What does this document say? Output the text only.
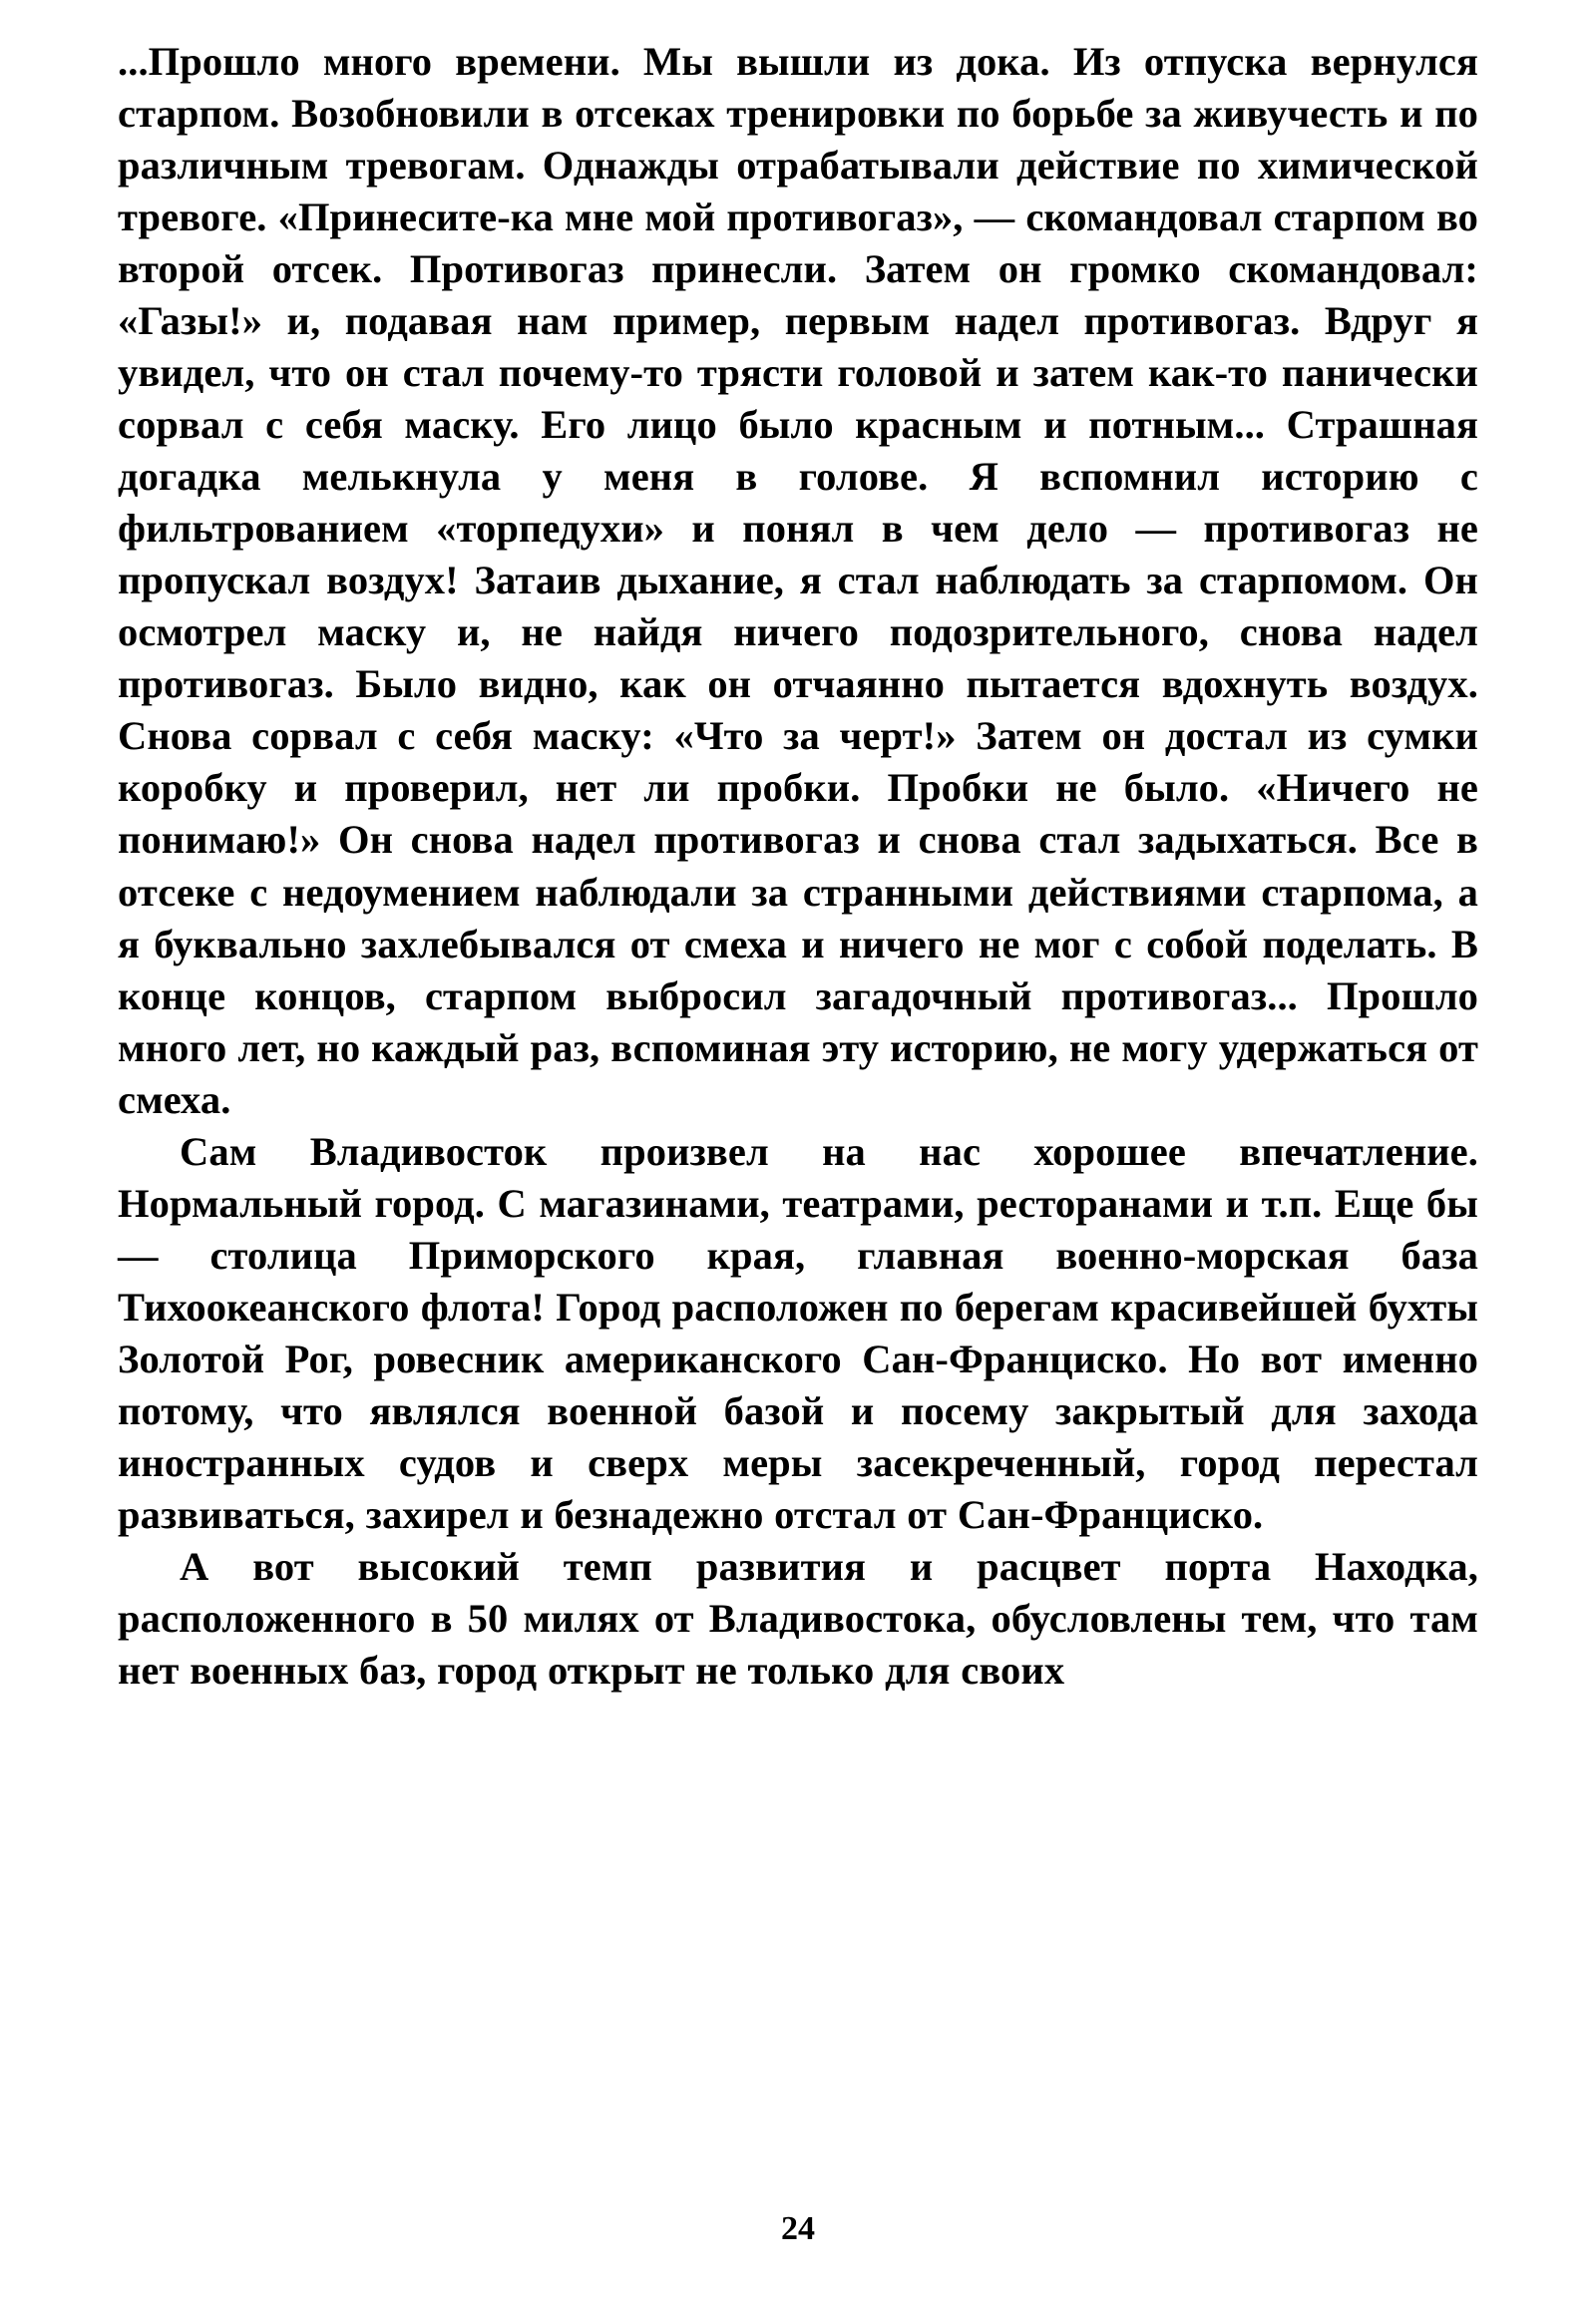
...Прошло много времени. Мы вышли из дока. Из отпуска вернулся старпом. Возобновили в отсеках тренировки по борьбе за живучесть и по различным тревогам. Однажды отрабатывали действие по химической тревоге. «Принесите-ка мне мой противогаз», — скомандовал старпом во второй отсек. Противогаз принесли. Затем он громко скомандовал: «Газы!» и, подавая нам пример, первым надел противогаз. Вдруг я увидел, что он стал почему-то трясти головой и затем как-то панически сорвал с себя маску. Его лицо было красным и потным... Страшная догадка мелькнула у меня в голове. Я вспомнил историю с фильтрованием «торпедухи» и понял в чем дело — противогаз не пропускал воздух! Затаив дыхание, я стал наблюдать за старпомом. Он осмотрел маску и, не найдя ничего подозрительного, снова надел противогаз. Было видно, как он отчаянно пытается вдохнуть воздух. Снова сорвал с себя маску: «Что за черт!» Затем он достал из сумки коробку и проверил, нет ли пробки. Пробки не было. «Ничего не понимаю!» Он снова надел противогаз и снова стал задыхаться. Все в отсеке с недоумением наблюдали за странными действиями старпома, а я буквально захлебывался от смеха и ничего не мог с собой поделать. В конце концов, старпом выбросил загадочный противогаз... Прошло много лет, но каждый раз, вспоминая эту историю, не могу удержаться от смеха.

Сам Владивосток произвел на нас хорошее впечатление. Нормальный город. С магазинами, театрами, ресторанами и т.п. Еще бы — столица Приморского края, главная военно-морская база Тихоокеанского флота! Город расположен по берегам красивейшей бухты Золотой Рог, ровесник американского Сан-Франциско. Но вот именно потому, что являлся военной базой и посему закрытый для захода иностранных судов и сверх меры засекреченный, город перестал развиваться, захирел и безнадежно отстал от Сан-Франциско.

А вот высокий темп развития и расцвет порта Находка, расположенного в 50 милях от Владивостока, обусловлены тем, что там нет военных баз, город открыт не только для своих

24
